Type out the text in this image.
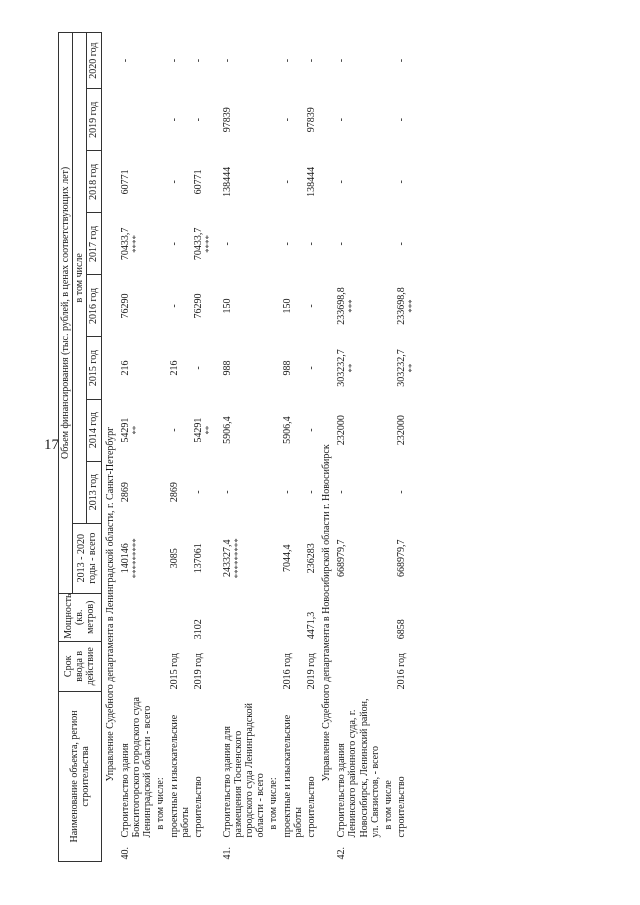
17
Наименование объекта, регион строительства		Срок ввода в действие	Мощность (кв. метров)	Объем финансирования (тыс. рублей, в ценах соответствующих лет)								
				2013 - 2020 годы - всего	в том числе							
					2013 год	2014 год	2015 год	2016 год	2017 год	2018 год	2019 год	2020 год
Управление Судебного департамента в Ленинградской области, г. Санкт-Петербург												
40.	Строительство здания Бокситогорского городского суда Ленинградской области - всего			140146 *********	2869	54291 **	216	76290	70433,7 ****	60771		-
	в том числе:											
	проектные и изыскательские работы	2015 год		3085	2869	-	216	-	-	-	-	-
	строительство	2019 год	3102	137061	-	54291 **	-	76290	70433,7 ****	60771	-	-

41.	Строительство здания для размещения Тосненского городского суда Ленинградской области - всего			243327,4 *********	-	5906,4	988	150	-	138444	97839	-
	в том числе:											
	проектные и изыскательские работы	2016 год		7044,4	-	5906,4	988	150	-	-	-	-
	строительство	2019 год	4471,3	236283	-	-	-	-	-	138444	97839	-
Управление Судебного департамента в Новосибирской области г. Новосибирск												
42.	Строительство здания Ленинского районного суда, г. Новосибирск, Ленинский район, ул. Связистов, - всего			668979,7	-	232000	303232,7 **	233698,8 ***	-	-	-	-
	в том числе											
	строительство	2016 год	6858	668979,7	-	232000	303232,7 **	233698,8 ***	-	-	-	-
